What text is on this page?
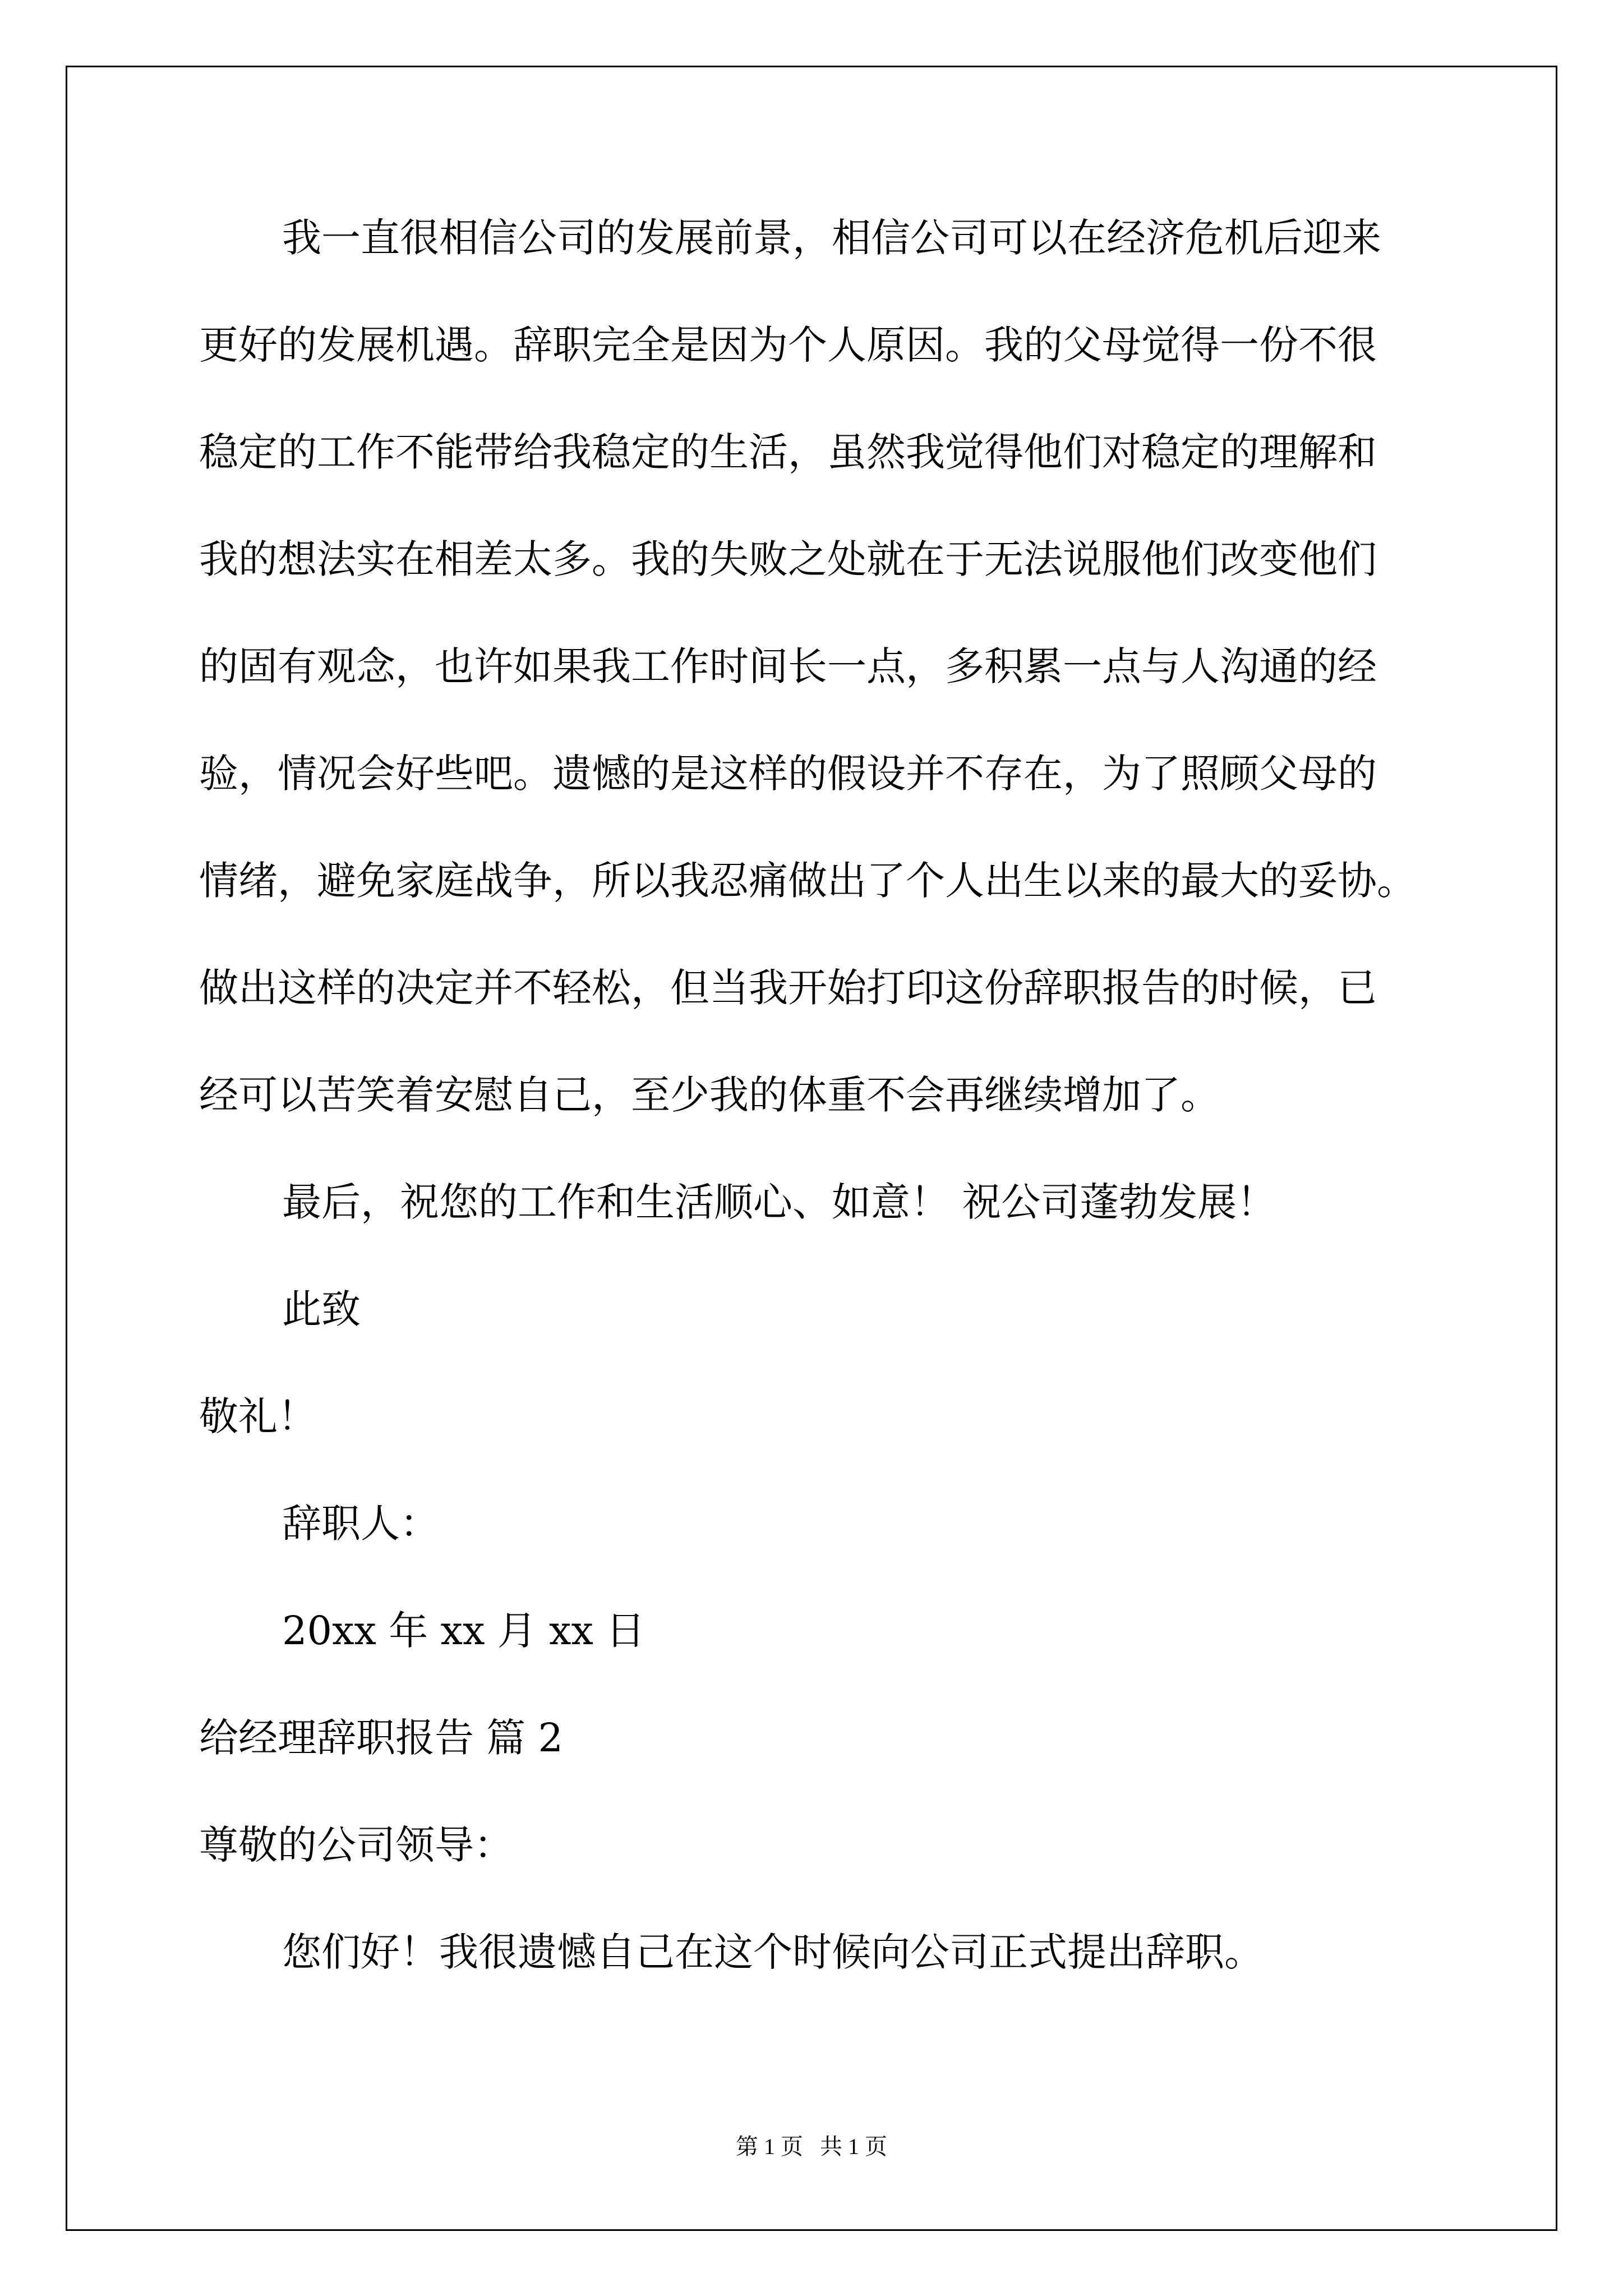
我一直很相信公司的发展前景，相信公司可以在经济危机后迎来
更好的发展机遇。辞职完全是因为个人原因。我的父母觉得一份不很
稳定的工作不能带给我稳定的生活，虽然我觉得他们对稳定的理解和
我的想法实在相差太多。我的失败之处就在于无法说服他们改变他们
的固有观念，也许如果我工作时间长一点，多积累一点与人沟通的经
验，情况会好些吧。遗憾的是这样的假设并不存在，为了照顾父母的
情绪，避免家庭战争，所以我忍痛做出了个人出生以来的最大的妥协。
做出这样的决定并不轻松，但当我开始打印这份辞职报告的时候，已
经可以苦笑着安慰自己，至少我的体重不会再继续增加了。
最后，祝您的工作和生活顺心、如意！ 祝公司蓬勃发展！
此致
敬礼！
辞职人：
20xx 年 xx 月 xx 日
给经理辞职报告 篇 2
尊敬的公司领导：
您们好！我很遗憾自己在这个时候向公司正式提出辞职。
第 1 页   共 1 页
